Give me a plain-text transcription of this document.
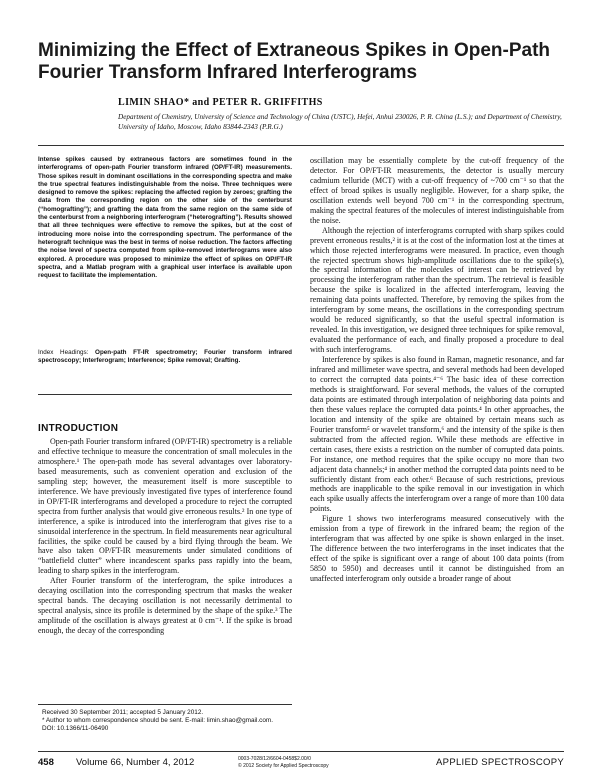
Minimizing the Effect of Extraneous Spikes in Open-Path Fourier Transform Infrared Interferograms
LIMIN SHAO* and PETER R. GRIFFITHS
Department of Chemistry, University of Science and Technology of China (USTC), Hefei, Anhui 230026, P. R. China (L.S.); and Department of Chemistry, University of Idaho, Moscow, Idaho 83844-2343 (P.R.G.)
Intense spikes caused by extraneous factors are sometimes found in the interferograms of open-path Fourier transform infrared (OP/FT-IR) measurements. Those spikes result in dominant oscillations in the corresponding spectra and make the true spectral features indistinguishable from the noise. Three techniques were designed to remove the spikes: replacing the affected region by zeroes; grafting the data from the corresponding region on the other side of the centerburst (“homografting”); and grafting the data from the same region on the same side of the centerburst from a neighboring interferogram (“heterografting”). Results showed that all three techniques were effective to remove the spikes, but at the cost of introducing more noise into the corresponding spectrum. The performance of the heterograft technique was the best in terms of noise reduction. The factors affecting the noise level of spectra computed from spike-removed interferograms were also explored. A procedure was proposed to minimize the effect of spikes on OP/FT-IR spectra, and a Matlab program with a graphical user interface is available upon request to facilitate the implementation.
Index Headings: Open-path FT-IR spectrometry; Fourier transform infrared spectroscopy; Interferogram; Interference; Spike removal; Grafting.
INTRODUCTION

Open-path Fourier transform infrared (OP/FT-IR) spectrometry is a reliable and effective technique to measure the concentration of small molecules in the atmosphere.¹ The open-path mode has several advantages over laboratory-based measurements, such as convenient operation and exclusion of the sampling step; however, the measurement itself is more susceptible to interference. We have previously investigated five types of interference found in OP/FT-IR interferograms and developed a procedure to reject the corrupted spectra from further analysis that would give erroneous results.² In one type of interference, a spike is introduced into the interferogram that gives rise to a sinusoidal interference in the spectrum. In field measurements near agricultural facilities, the spike could be caused by a bird flying through the beam. We have also taken OP/FT-IR measurements under simulated conditions of “battlefield clutter” where incandescent sparks pass rapidly into the beam, leading to sharp spikes in the interferogram.

After Fourier transform of the interferogram, the spike introduces a decaying oscillation into the corresponding spectrum that masks the weaker spectral bands. The decaying oscillation is not necessarily detrimental to spectral analysis, since its profile is determined by the shape of the spike.³ The amplitude of the oscillation is always greatest at 0 cm⁻¹. If the spike is broad enough, the decay of the corresponding

Received 30 September 2011; accepted 5 January 2012.
* Author to whom correspondence should be sent. E-mail: limin.shao@gmail.com.
DOI: 10.1366/11-06490

oscillation may be essentially complete by the cut-off frequency of the detector. For OP/FT-IR measurements, the detector is usually mercury cadmium telluride (MCT) with a cut-off frequency of ~700 cm⁻¹ so that the effect of broad spikes is usually negligible. However, for a sharp spike, the oscillation extends well beyond 700 cm⁻¹ in the corresponding spectrum, making the spectral features of the molecules of interest indistinguishable from the noise.

Although the rejection of interferograms corrupted with sharp spikes could prevent erroneous results,² it is at the cost of the information lost at the times at which those rejected interferograms were measured. In practice, even though the rejected spectrum shows high-amplitude oscillations due to the spike(s), the spectral information of the molecules of interest can be retrieved by processing the interferogram rather than the spectrum. The retrieval is feasible because the spike is localized in the affected interferogram, leaving the remaining data points unaffected. Therefore, by removing the spikes from the interferogram by some means, the oscillations in the corresponding spectrum would be reduced significantly, so that the useful spectral information is revealed. In this investigation, we designed three techniques for spike removal, evaluated the performance of each, and finally proposed a procedure to deal with such interferograms.

Interference by spikes is also found in Raman, magnetic resonance, and far infrared and millimeter wave spectra, and several methods had been developed to correct the corrupted data points.⁴⁻⁶ The basic idea of these correction methods is straightforward. For several methods, the values of the corrupted data points are estimated through interpolation of neighboring data points and then these values replace the corrupted data points.⁴ In other approaches, the location and intensity of the spike are obtained by certain means such as Fourier transform⁵ or wavelet transform,⁶ and the intensity of the spike is then subtracted from the affected region. While these methods are effective in certain cases, there exists a restriction on the number of corrupted data points. For instance, one method requires that the spike occupy no more than two adjacent data channels;⁴ in another method the corrupted data points need to be sufficiently distant from each other.⁶ Because of such restrictions, previous methods are inapplicable to the spike removal in our investigation in which each spike usually affects the interferogram over a range of more than 100 data points.

Figure 1 shows two interferograms measured consecutively with the emission from a type of firework in the infrared beam; the region of the interferogram that was affected by one spike is shown enlarged in the inset. The difference between the two interferograms in the inset indicates that the effect of the spike is significant over a range of about 100 data points (from 5850 to 5950) and decreases until it cannot be distinguished from an unaffected interferogram only outside a broader range of about

458 Volume 66, Number 4, 2012	0003-7028/12/6604-0458$2.00/0
© 2012 Society for Applied Spectroscopy	APPLIED SPECTROSCOPY
